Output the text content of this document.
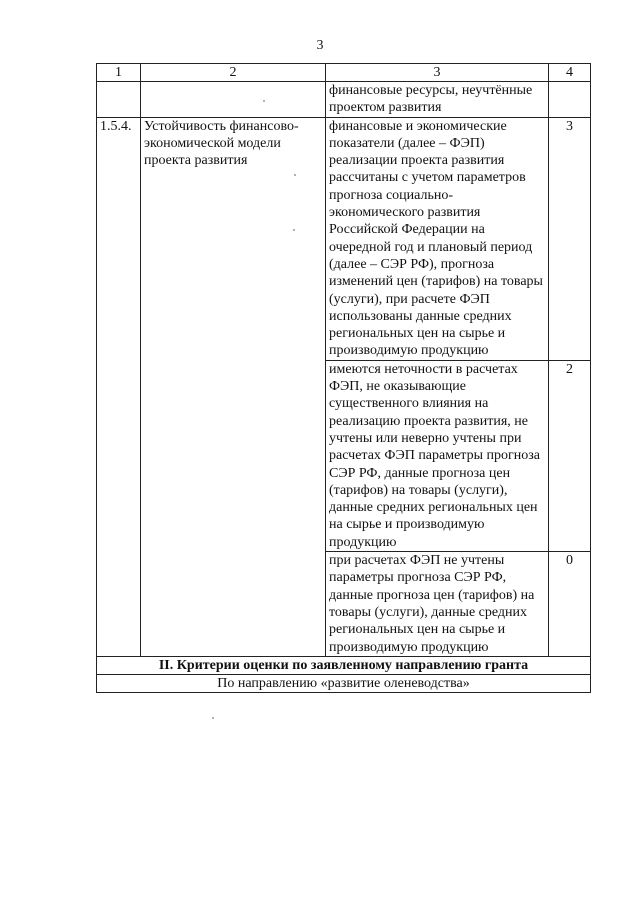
3
1	2	3	4
		финансовые ресурсы, неучтённые проектом развития	
1.5.4.	Устойчивость финансово-экономической модели проекта развития	финансовые и экономические показатели (далее – ФЭП) реализации проекта развития рассчитаны с учетом параметров прогноза социально-экономического развития Российской Федерации на очередной год и плановый период (далее – СЭР РФ), прогноза изменений цен (тарифов) на товары (услуги), при расчете ФЭП использованы данные средних региональных цен на сырье и производимую продукцию	3
		имеются неточности в расчетах ФЭП, не оказывающие существенного влияния на реализацию проекта развития, не учтены или неверно учтены при расчетах ФЭП параметры прогноза СЭР РФ, данные прогноза цен (тарифов) на товары (услуги), данные средних региональных цен на сырье и производимую продукцию	2
		при расчетах ФЭП не учтены параметры прогноза СЭР РФ, данные прогноза цен (тарифов) на товары (услуги), данные средних региональных цен на сырье и производимую продукцию	0
II. Критерии оценки по заявленному направлению гранта			
По направлению «развитие оленеводства»			
